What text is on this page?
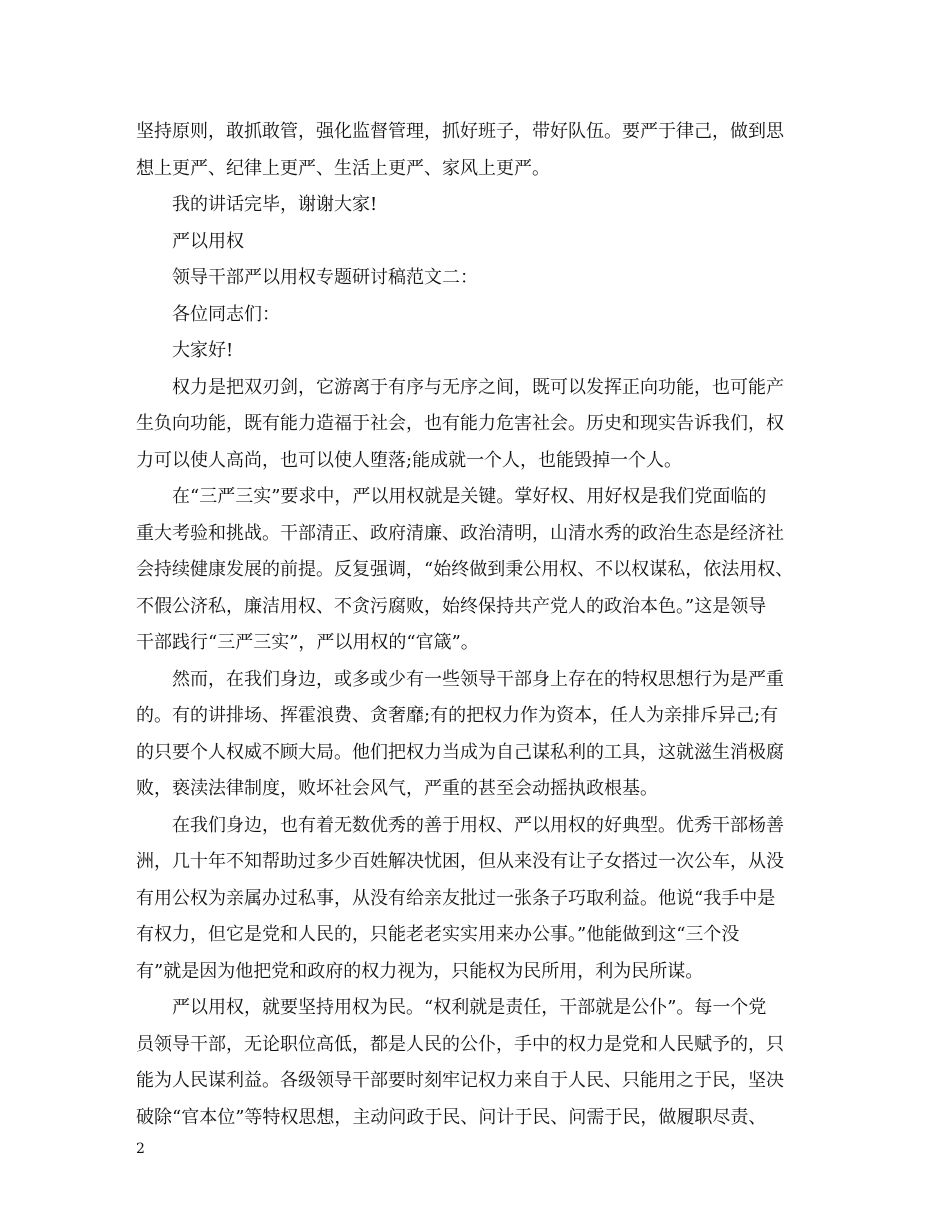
坚持原则，敢抓敢管，强化监督管理，抓好班子，带好队伍。要严于律己，做到思
想上更严、纪律上更严、生活上更严、家风上更严。
我的讲话完毕，谢谢大家!
严以用权
领导干部严以用权专题研讨稿范文二：
各位同志们：
大家好!
权力是把双刃剑，它游离于有序与无序之间，既可以发挥正向功能，也可能产
生负向功能，既有能力造福于社会，也有能力危害社会。历史和现实告诉我们，权
力可以使人高尚，也可以使人堕落;能成就一个人，也能毁掉一个人。
在“三严三实”要求中，严以用权就是关键。掌好权、用好权是我们党面临的
重大考验和挑战。干部清正、政府清廉、政治清明，山清水秀的政治生态是经济社
会持续健康发展的前提。反复强调，“始终做到秉公用权、不以权谋私，依法用权、
不假公济私，廉洁用权、不贪污腐败，始终保持共产党人的政治本色。”这是领导
干部践行“三严三实”，严以用权的“官箴”。
然而，在我们身边，或多或少有一些领导干部身上存在的特权思想行为是严重
的。有的讲排场、挥霍浪费、贪奢靡;有的把权力作为资本，任人为亲排斥异己;有
的只要个人权威不顾大局。他们把权力当成为自己谋私利的工具，这就滋生消极腐
败，亵渎法律制度，败坏社会风气，严重的甚至会动摇执政根基。
在我们身边，也有着无数优秀的善于用权、严以用权的好典型。优秀干部杨善
洲，几十年不知帮助过多少百姓解决忧困，但从来没有让子女搭过一次公车，从没
有用公权为亲属办过私事，从没有给亲友批过一张条子巧取利益。他说“我手中是
有权力，但它是党和人民的，只能老老实实用来办公事。”他能做到这“三个没
有”就是因为他把党和政府的权力视为，只能权为民所用，利为民所谋。
严以用权，就要坚持用权为民。“权利就是责任，干部就是公仆”。每一个党
员领导干部，无论职位高低，都是人民的公仆，手中的权力是党和人民赋予的，只
能为人民谋利益。各级领导干部要时刻牢记权力来自于人民、只能用之于民，坚决
破除“官本位”等特权思想，主动问政于民、问计于民、问需于民，做履职尽责、
2
